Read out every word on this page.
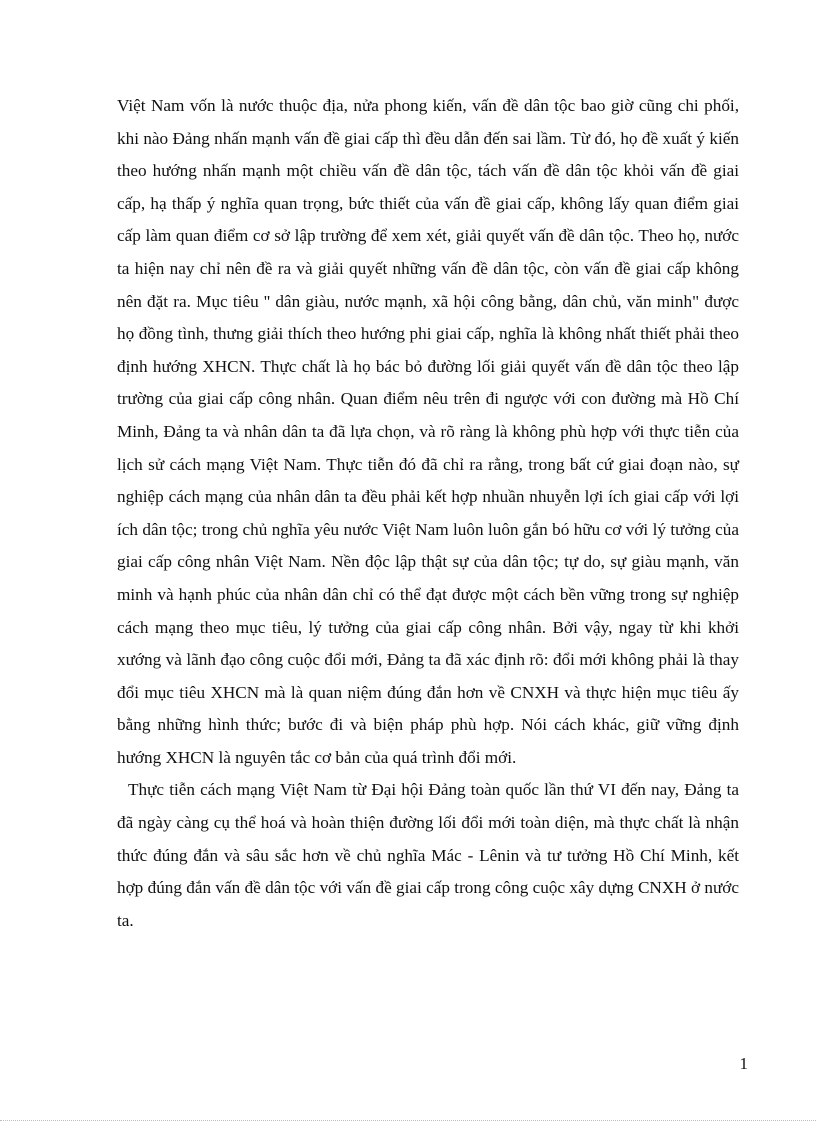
Việt Nam vốn là nước thuộc địa, nửa phong kiến, vấn đề dân tộc bao giờ cũng chi phối, khi nào Đảng nhấn mạnh vấn đề giai cấp thì đều dẫn đến sai lầm. Từ đó, họ đề xuất ý kiến theo hướng nhấn mạnh một chiều vấn đề dân tộc, tách vấn đề dân tộc khỏi vấn đề giai cấp, hạ thấp ý nghĩa quan trọng, bức thiết của vấn đề giai cấp, không lấy quan điểm giai cấp làm quan điểm cơ sở lập trường để xem xét, giải quyết vấn đề dân tộc. Theo họ, nước ta hiện nay chỉ nên đề ra và giải quyết những vấn đề dân tộc, còn vấn đề giai cấp không nên đặt ra. Mục tiêu '' dân giàu, nước mạnh, xã hội công bằng, dân chủ, văn minh" được họ đồng tình, thưng giải thích theo hướng phi giai cấp, nghĩa là không nhất thiết phải theo định hướng XHCN. Thực chất là họ bác bỏ đường lối giải quyết vấn đề dân tộc theo lập trường của giai cấp công nhân. Quan điểm nêu trên đi ngược với con đường mà Hồ Chí Minh, Đảng ta và nhân dân ta đã lựa chọn, và rõ ràng là không phù hợp với thực tiễn của lịch sử cách mạng Việt Nam. Thực tiễn đó đã chỉ ra rằng, trong bất cứ giai đoạn nào, sự nghiệp cách mạng của nhân dân ta đều phải kết hợp nhuần nhuyễn lợi ích giai cấp với lợi ích dân tộc; trong chủ nghĩa yêu nước Việt Nam luôn luôn gắn bó hữu cơ với lý tưởng của giai cấp công nhân Việt Nam. Nền độc lập thật sự của dân tộc; tự do, sự giàu mạnh, văn minh và hạnh phúc của nhân dân chỉ có thể đạt được một cách bền vững trong sự nghiệp cách mạng theo mục tiêu, lý tưởng của giai cấp công nhân. Bởi vậy, ngay từ khi khởi xướng và lãnh đạo công cuộc đổi mới, Đảng ta đã xác định rõ: đổi mới không phải là thay đổi mục tiêu XHCN mà là quan niệm đúng đắn hơn về CNXH và thực hiện mục tiêu ấy bằng những hình thức; bước đi và biện pháp phù hợp. Nói cách khác, giữ vững định hướng XHCN là nguyên tắc cơ bản của quá trình đổi mới.

Thực tiễn cách mạng Việt Nam từ Đại hội Đảng toàn quốc lần thứ VI đến nay, Đảng ta đã ngày càng cụ thể hoá và hoàn thiện đường lối đổi mới toàn diện, mà thực chất là nhận thức đúng đắn và sâu sắc hơn về chủ nghĩa Mác - Lênin và tư tưởng Hồ Chí Minh, kết hợp đúng đắn vấn đề dân tộc với vấn đề giai cấp trong công cuộc xây dựng CNXH ở nước ta.

1
